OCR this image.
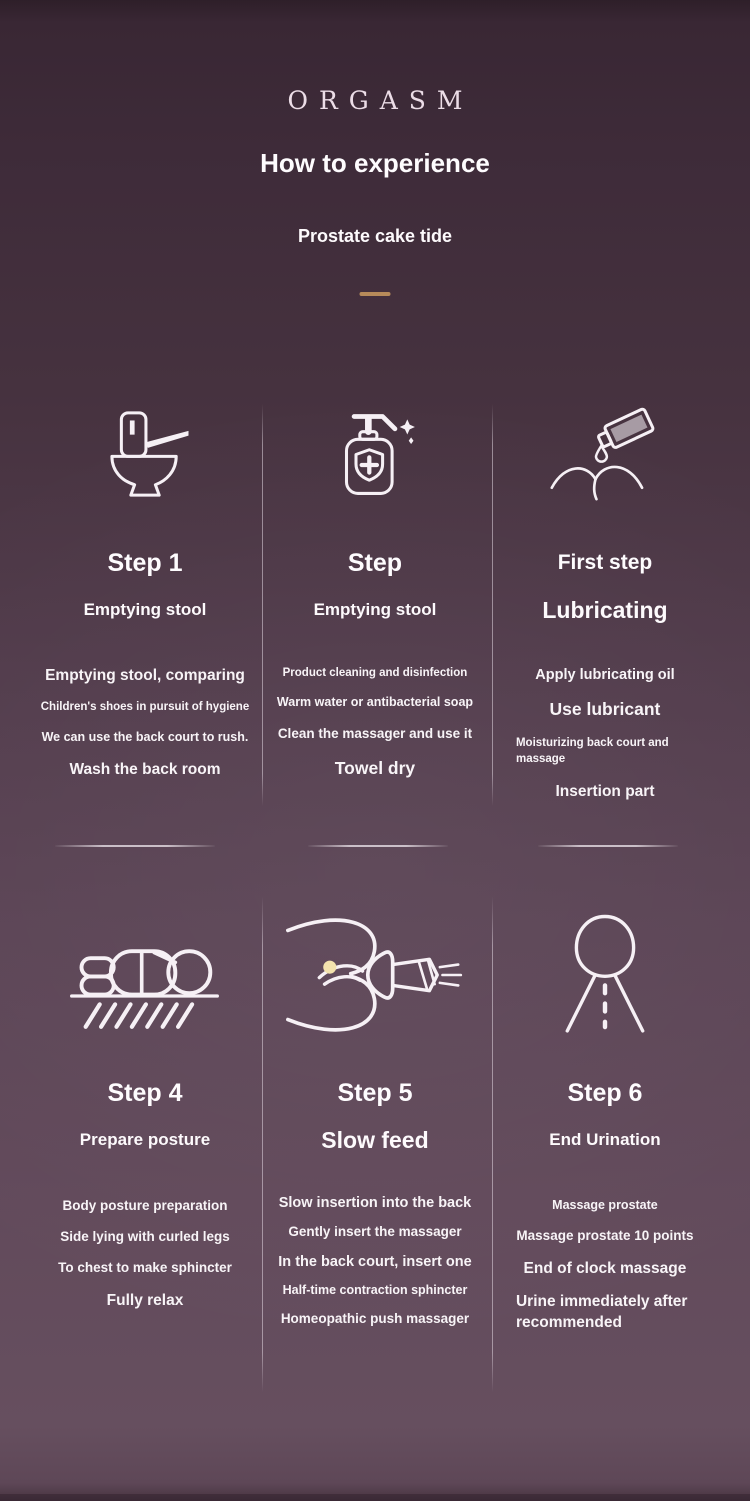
ORGASM
How to experience
Prostate cake tide
Step 1
Emptying stool
Emptying stool, comparing
Children's shoes in pursuit of hygiene
We can use the back court to rush.
Wash the back room
Step
Emptying stool
Product cleaning and disinfection
Warm water or antibacterial soap
Clean the massager and use it
Towel dry
First step
Lubricating
Apply lubricating oil
Use lubricant
Moisturizing back court and massage
Insertion part
Step 4
Prepare posture
Body posture preparation
Side lying with curled legs
To chest to make sphincter
Fully relax
Step 5
Slow feed
Slow insertion into the back
Gently insert the massager
In the back court, insert one
Half-time contraction sphincter
Homeopathic push massager
Step 6
End Urination
Massage prostate
Massage prostate 10 points
End of clock massage
Urine immediately after recommended
